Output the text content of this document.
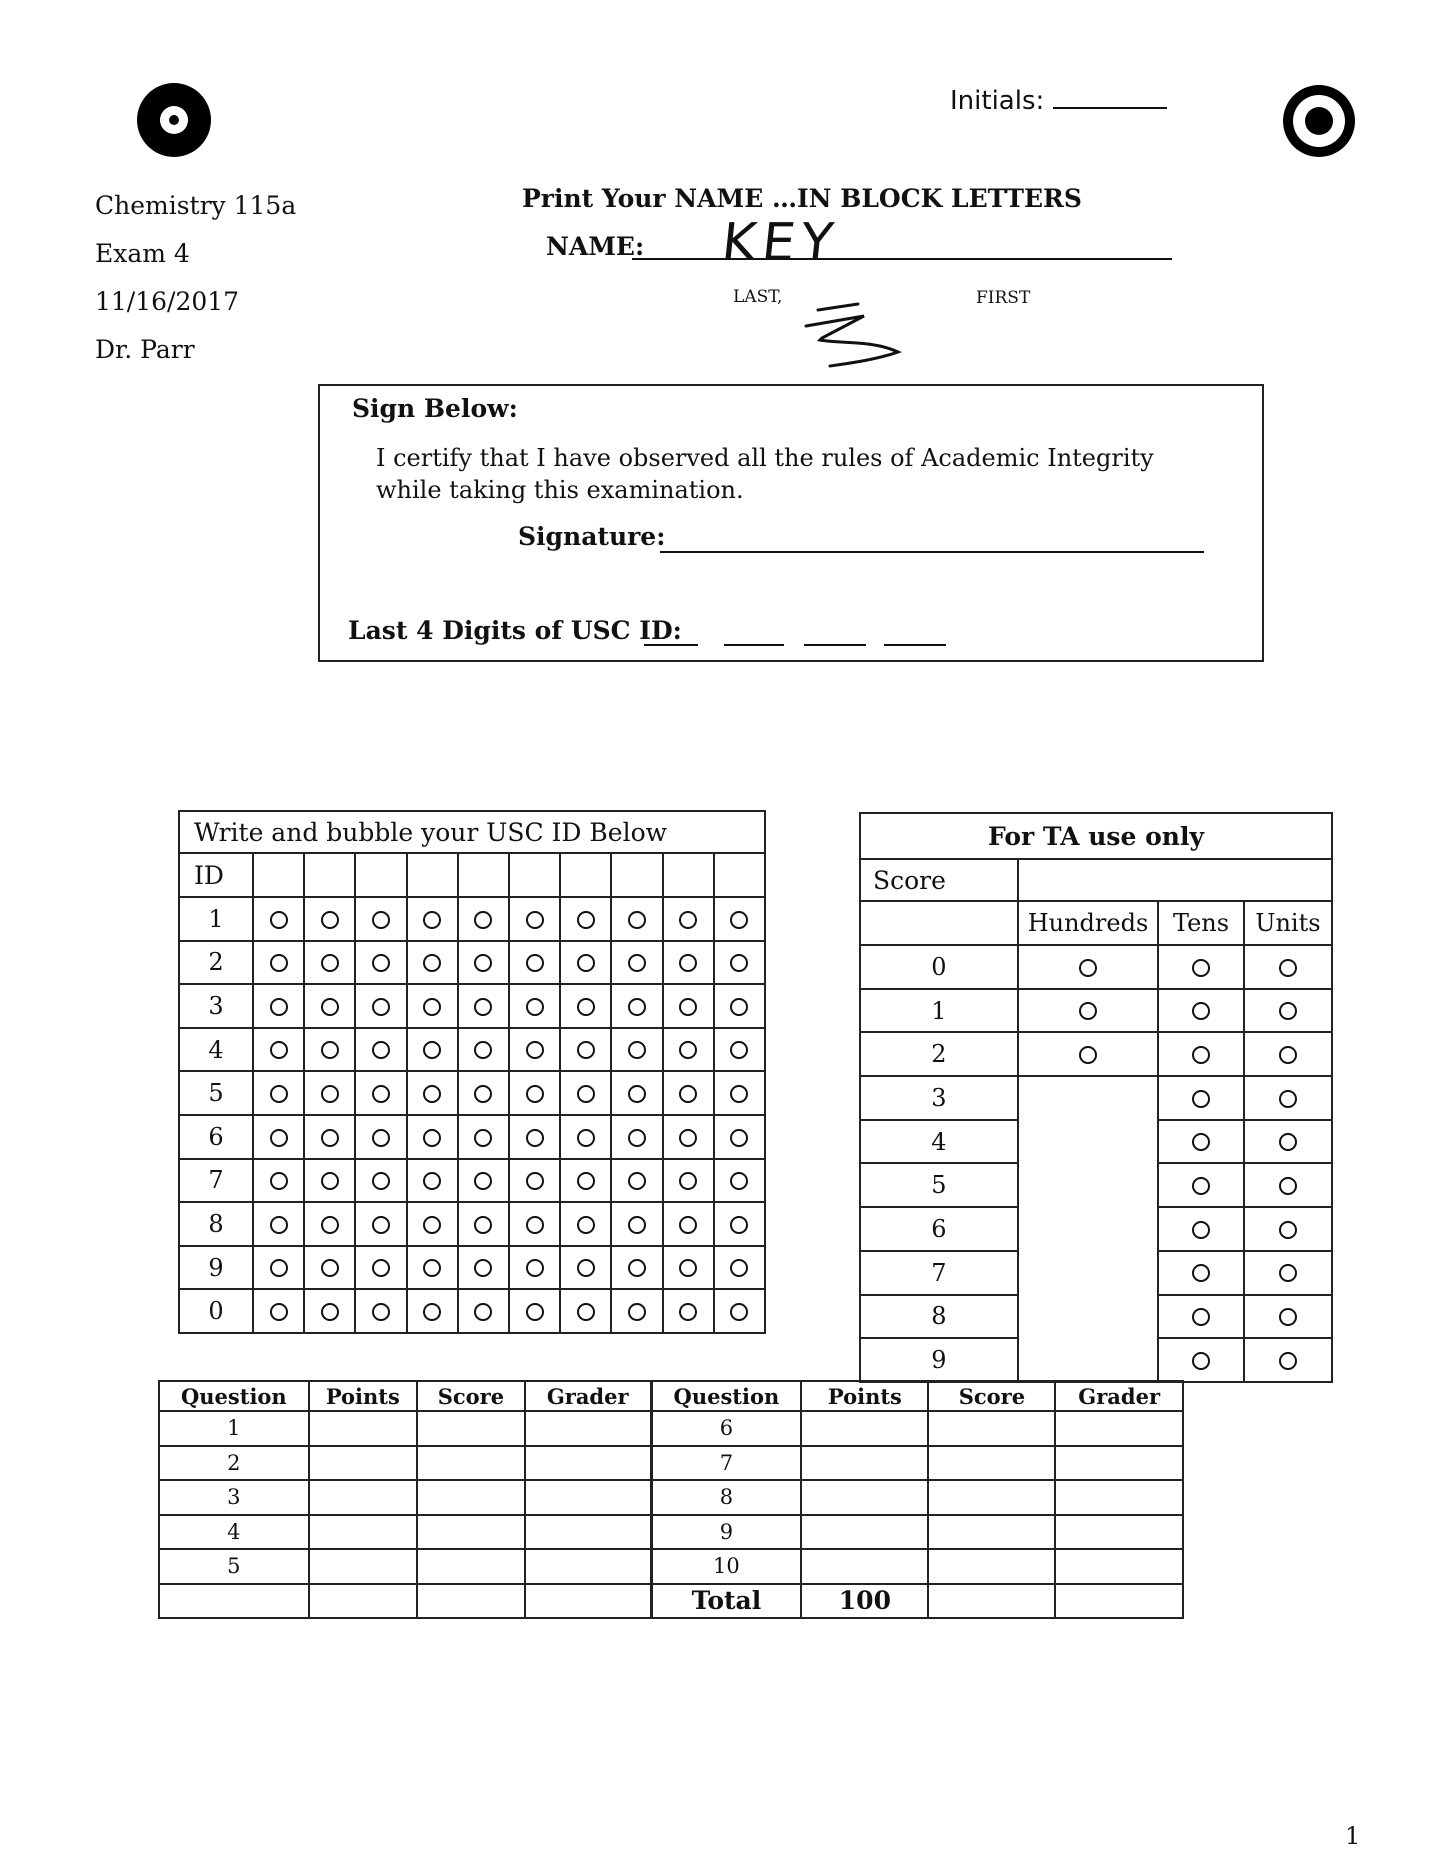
Initials:
Chemistry 115a
Exam 4
11/16/2017
Dr. Parr
Print Your NAME …IN BLOCK LETTERS
NAME: KEY
LAST,	FIRST
Sign Below:
I certify that I have observed all the rules of Academic Integrity
while taking this examination.
Signature:
Last 4 Digits of USC ID:
Write and bubble your USC ID Below										
ID										
1										
2										
3										
4										
5										
6										
7										
8										
9										
0										
For TA use only			
Score			
	Hundreds	Tens	Units
0			
1			
2			
3			
4			
5			
6			
7			
8			
9			
Question	Points	Score	Grader	Question	Points	Score	Grader
1				6			
2				7			
3				8			
4				9			
5				10			
				Total	100		
1
